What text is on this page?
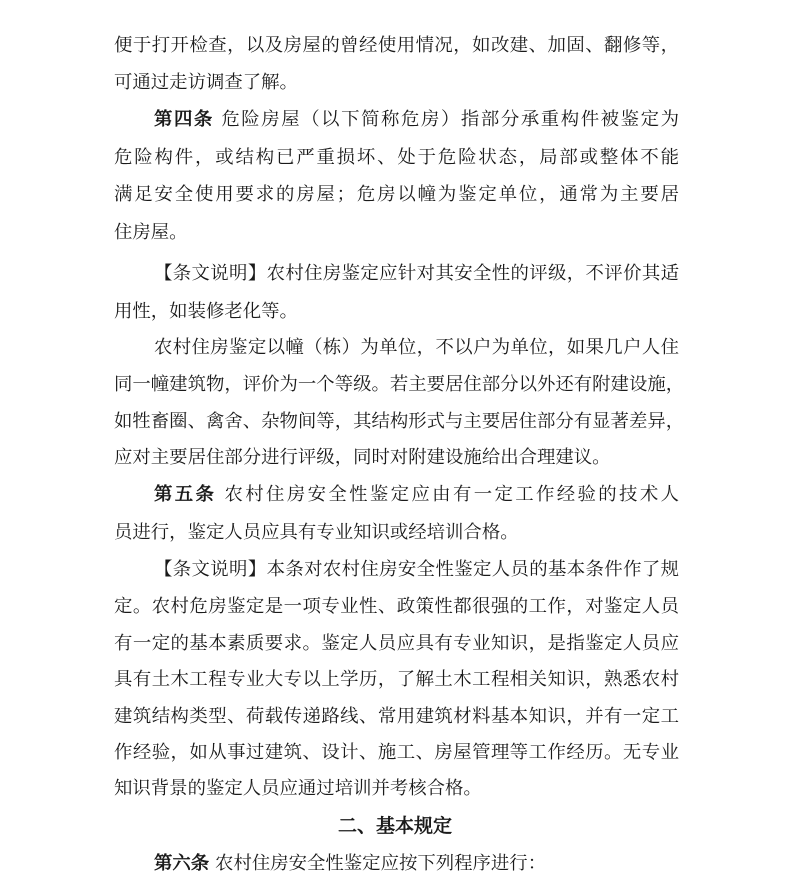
便于打开检查，以及房屋的曾经使用情况，如改建、加固、翻修等，
可通过走访调查了解。
第四条 危险房屋（以下简称危房）指部分承重构件被鉴定为
危险构件，或结构已严重损坏、处于危险状态，局部或整体不能
满足安全使用要求的房屋；危房以幢为鉴定单位，通常为主要居
住房屋。
【条文说明】农村住房鉴定应针对其安全性的评级，不评价其适
用性，如装修老化等。
农村住房鉴定以幢（栋）为单位，不以户为单位，如果几户人住
同一幢建筑物，评价为一个等级。若主要居住部分以外还有附建设施，
如牲畜圈、禽舍、杂物间等，其结构形式与主要居住部分有显著差异，
应对主要居住部分进行评级，同时对附建设施给出合理建议。
第五条 农村住房安全性鉴定应由有一定工作经验的技术人
员进行，鉴定人员应具有专业知识或经培训合格。
【条文说明】本条对农村住房安全性鉴定人员的基本条件作了规
定。农村危房鉴定是一项专业性、政策性都很强的工作，对鉴定人员
有一定的基本素质要求。鉴定人员应具有专业知识，是指鉴定人员应
具有土木工程专业大专以上学历，了解土木工程相关知识，熟悉农村
建筑结构类型、荷载传递路线、常用建筑材料基本知识，并有一定工
作经验，如从事过建筑、设计、施工、房屋管理等工作经历。无专业
知识背景的鉴定人员应通过培训并考核合格。
二、基本规定
第六条 农村住房安全性鉴定应按下列程序进行：
